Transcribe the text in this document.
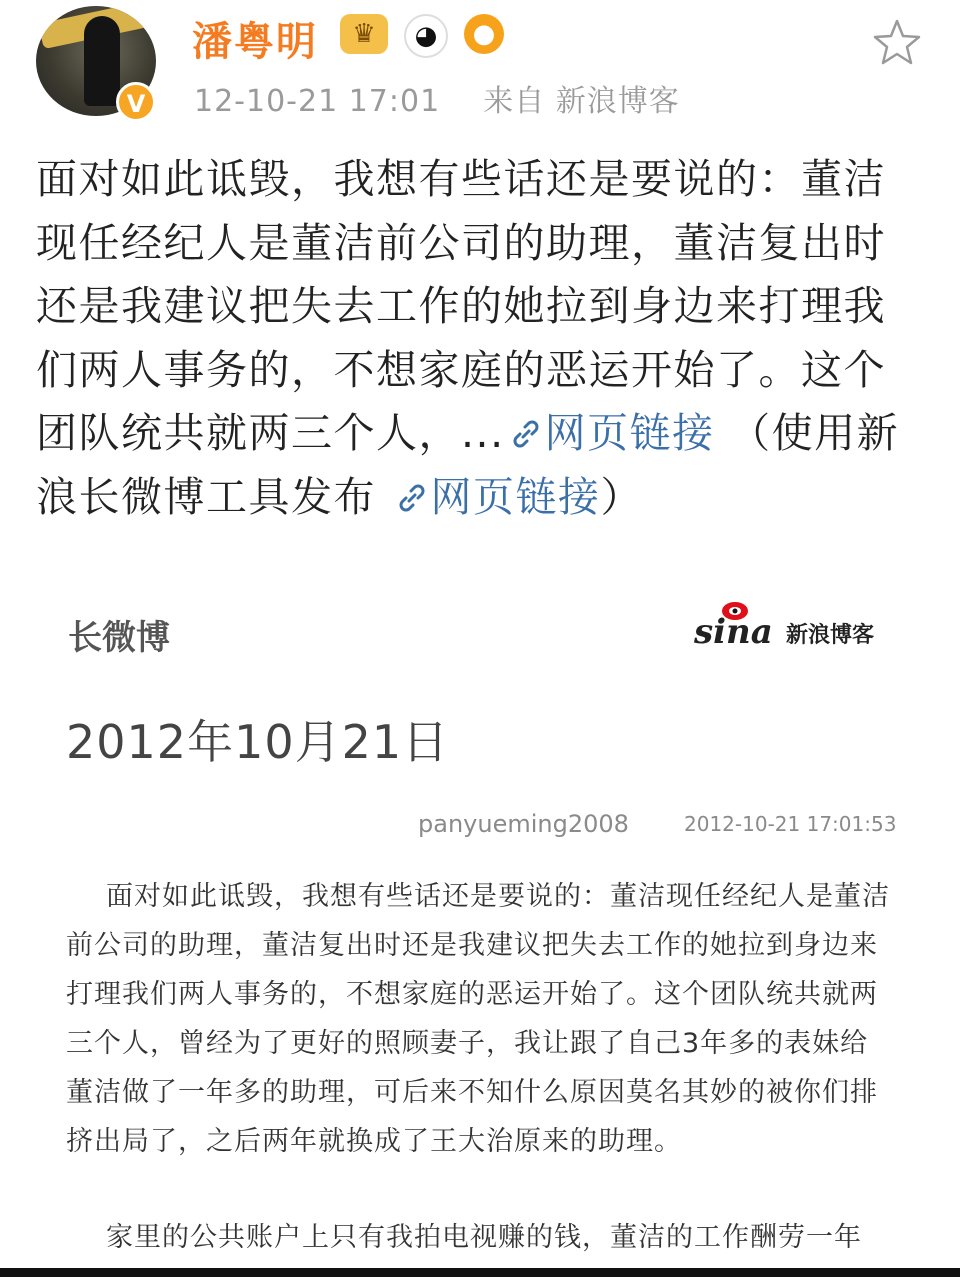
V
潘粤明	♛	◕	●
12-10-21 17:01 来自 新浪博客
面对如此诋毁，我想有些话还是要说的：董洁现任经纪人是董洁前公司的助理，董洁复出时还是我建议把失去工作的她拉到身边来打理我们两人事务的，不想家庭的恶运开始了。这个团队统共就两三个人，... 网页链接 （使用新浪长微博工具发布 网页链接）
长微博	sina 新浪博客
2012年10月21日
panyueming2008	2012-10-21 17:01:53

面对如此诋毁，我想有些话还是要说的：董洁现任经纪人是董洁前公司的助理，董洁复出时还是我建议把失去工作的她拉到身边来打理我们两人事务的，不想家庭的恶运开始了。这个团队统共就两三个人，曾经为了更好的照顾妻子，我让跟了自己3年多的表妹给董洁做了一年多的助理，可后来不知什么原因莫名其妙的被你们排挤出局了，之后两年就换成了王大治原来的助理。

家里的公共账户上只有我拍电视赚的钱，董洁的工作酬劳一年
